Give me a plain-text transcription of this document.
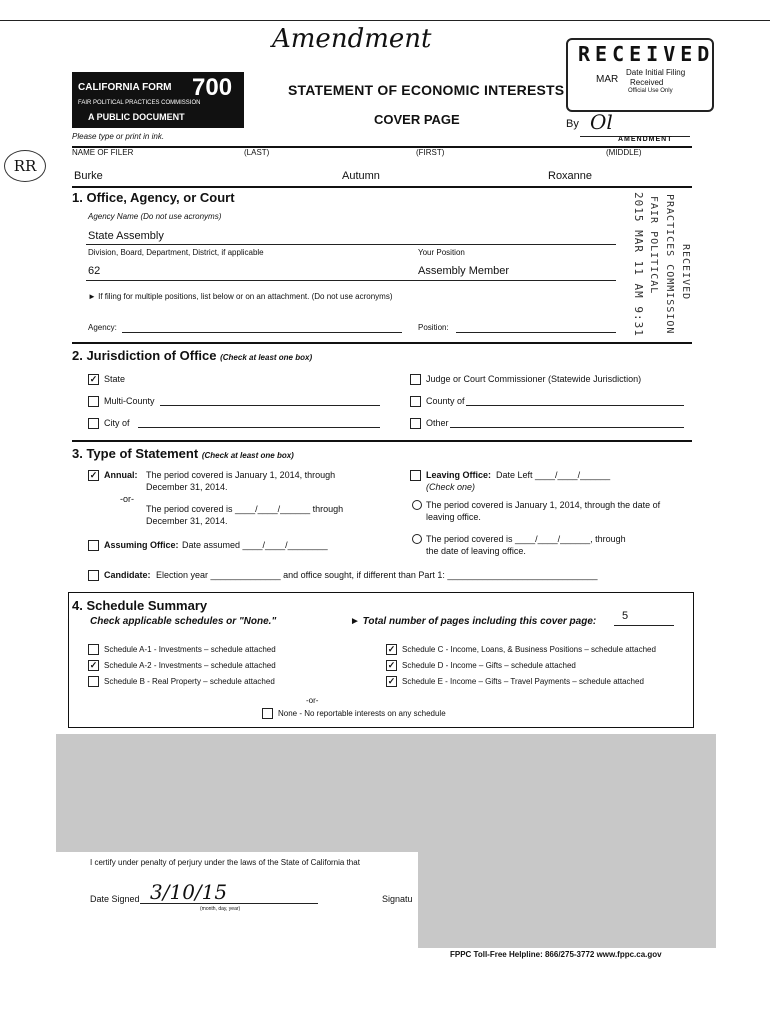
Amendment
CALIFORNIA FORM 700
FAIR POLITICAL PRACTICES COMMISSION
A PUBLIC DOCUMENT
Please type or print in ink.
STATEMENT OF ECONOMIC INTERESTS
COVER PAGE
RR
RECEIVED
MAR
Date Initial Filing
Received
Official Use Only
By Ol
AMENDMENT
2015 MAR 11 AM 9:31 FAIR POLITICAL PRACTICES COMMISSION RECEIVED
NAME OF FILER	(LAST)	(FIRST)	(MIDDLE)
Burke	Autumn	Roxanne
1. Office, Agency, or Court
Agency Name (Do not use acronyms)
State Assembly
Division, Board, Department, District, if applicable	Your Position
62	Assembly Member
► If filing for multiple positions, list below or on an attachment. (Do not use acronyms)
Agency:	Position:
2. Jurisdiction of Office (Check at least one box)
✓ State	Judge or Court Commissioner (Statewide Jurisdiction)
Multi-County	County of
City of	Other
3. Type of Statement (Check at least one box)
✓ Annual: The period covered is January 1, 2014, through
December 31, 2014.
-or-
The period covered is ____/____/______ through
December 31, 2014.
Assuming Office: Date assumed ____/____/________
Leaving Office: Date Left ____/____/______
(Check one)
The period covered is January 1, 2014, through the date of
leaving office.
The period covered is ____/____/______, through
the date of leaving office.
Candidate: Election year ______________ and office sought, if different than Part 1: ______________________________
4. Schedule Summary
Check applicable schedules or "None."	► Total number of pages including this cover page: 5
Schedule A-1 - Investments – schedule attached
✓ Schedule A-2 - Investments – schedule attached
Schedule B - Real Property – schedule attached
✓ Schedule C - Income, Loans, & Business Positions – schedule attached
✓ Schedule D - Income – Gifts – schedule attached
✓ Schedule E - Income – Gifts – Travel Payments – schedule attached
-or-
None - No reportable interests on any schedule
I certify under penalty of perjury under the laws of the State of California that
Date Signed 3/10/15
(month, day, year)
Signatu
FPPC Toll-Free Helpline: 866/275-3772 www.fppc.ca.gov
